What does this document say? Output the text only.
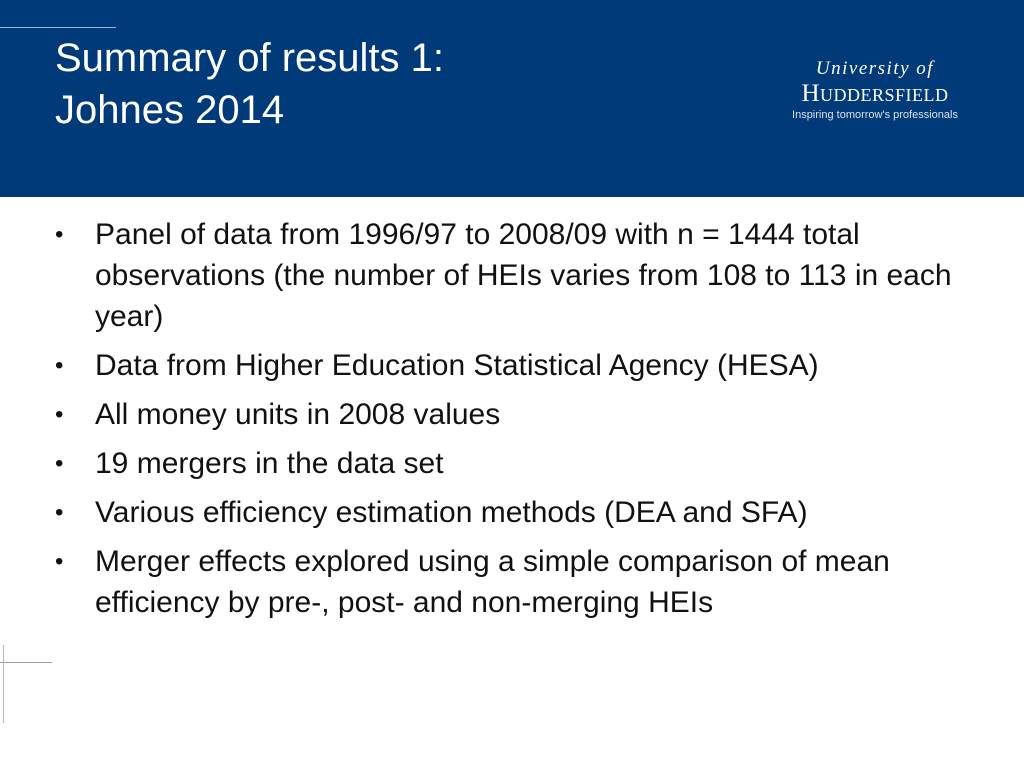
Summary of results 1:
Johnes 2014
University of
Huddersfield
Inspiring tomorrow's professionals
•	Panel of data from 1996/97 to 2008/09 with n = 1444 total observations (the number of HEIs varies from 108 to 113 in each year)
•	Data from Higher Education Statistical Agency (HESA)
•	All money units in 2008 values
•	19 mergers in the data set
•	Various efficiency estimation methods (DEA and SFA)
•	Merger effects explored using a simple comparison of mean efficiency by pre-, post- and non-merging HEIs
